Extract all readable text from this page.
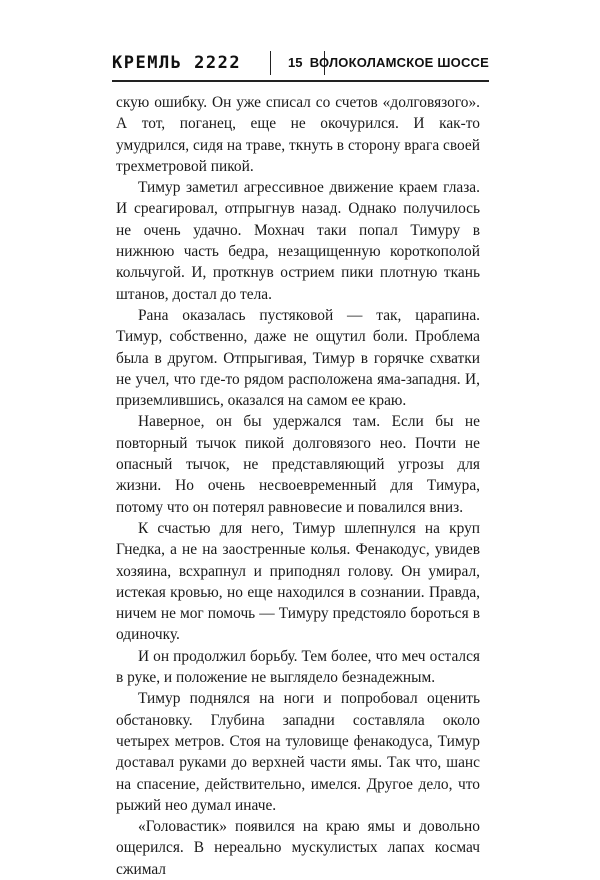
КРЕМЛЬ 2222	15 ВОЛОКОЛАМСКОЕ ШОССЕ

скую ошибку. Он уже списал со счетов «долговязого». А тот, поганец, еще не окочурился. И как-то умудрился, сидя на траве, ткнуть в сторону врага своей трехметровой пикой.

Тимур заметил агрессивное движение краем глаза. И среагировал, отпрыгнув назад. Однако получилось не очень удачно. Мохнач таки попал Тимуру в нижнюю часть бедра, незащищенную короткополой кольчугой. И, проткнув острием пики плотную ткань штанов, достал до тела.

Рана оказалась пустяковой — так, царапина. Тимур, собственно, даже не ощутил боли. Проблема была в другом. Отпрыгивая, Тимур в горячке схватки не учел, что где-то рядом расположена яма-западня. И, приземлившись, оказался на самом ее краю.

Наверное, он бы удержался там. Если бы не повторный тычок пикой долговязого нео. Почти не опасный тычок, не представляющий угрозы для жизни. Но очень несвоевременный для Тимура, потому что он потерял равновесие и повалился вниз.

К счастью для него, Тимур шлепнулся на круп Гнедка, а не на заостренные колья. Фенакодус, увидев хозяина, всхрапнул и приподнял голову. Он умирал, истекая кровью, но еще находился в сознании. Правда, ничем не мог помочь — Тимуру предстояло бороться в одиночку.

И он продолжил борьбу. Тем более, что меч остался в руке, и положение не выглядело безнадежным.

Тимур поднялся на ноги и попробовал оценить обстановку. Глубина западни составляла около четырех метров. Стоя на туловище фенакодуса, Тимур доставал руками до верхней части ямы. Так что, шанс на спасение, действительно, имелся. Другое дело, что рыжий нео думал иначе.

«Головастик» появился на краю ямы и довольно ощерился. В нереально мускулистых лапах космач сжимал
